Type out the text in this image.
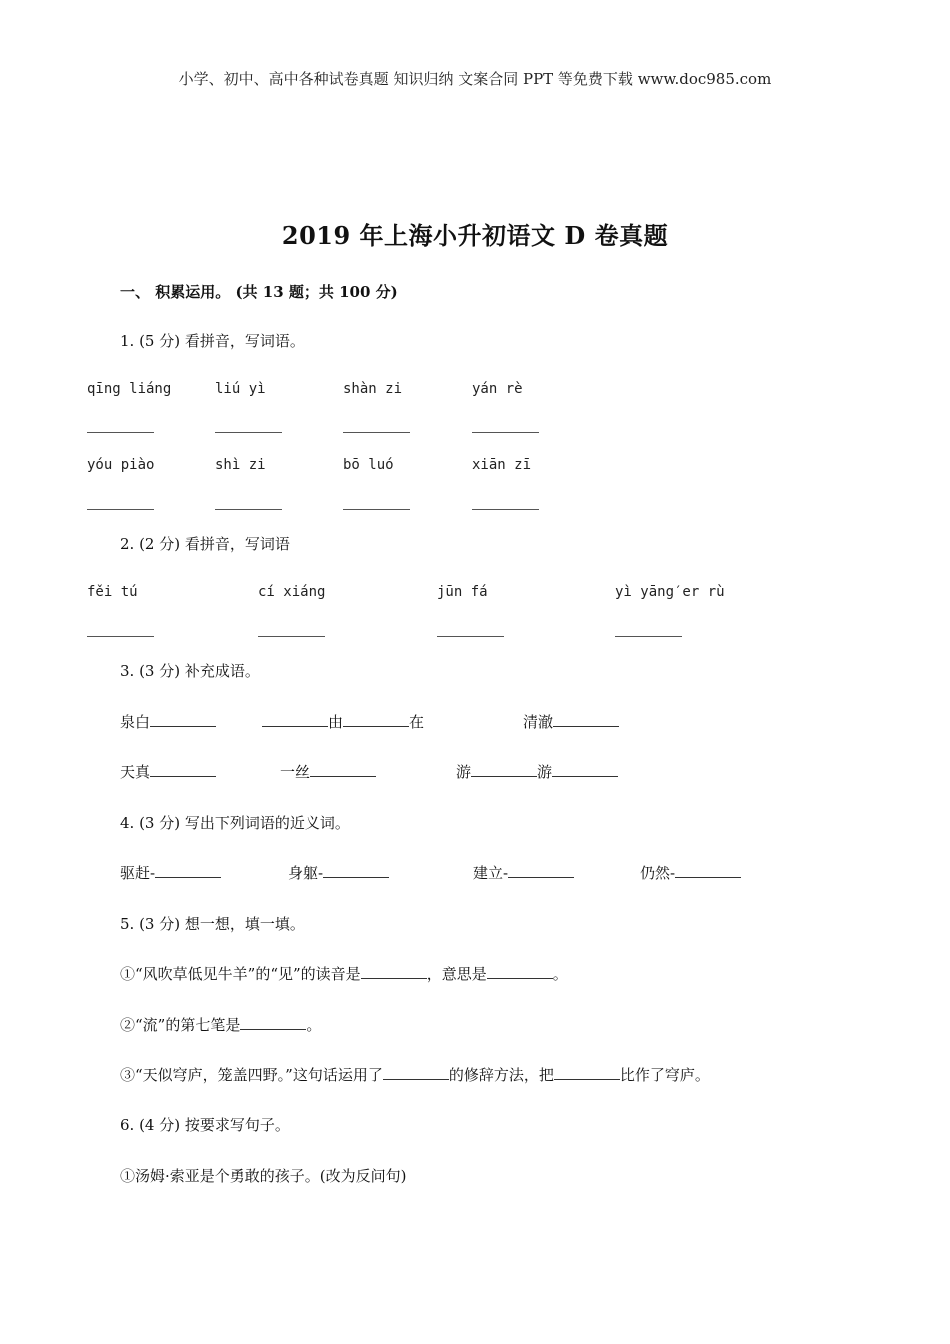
小学、初中、高中各种试卷真题 知识归纳 文案合同 PPT 等免费下载 www.doc985.com
2019 年上海小升初语文 D 卷真题
一、 积累运用。 (共 13 题；共 100 分)
1. (5 分) 看拼音，写词语。
qīng liáng	liú yì	shàn zi	yán rè
yóu piào	shì zi	bō luó	xiān zī
2. (2 分) 看拼音，写词语
fěi tú	cí xiáng	jūn fá	yì yāng′er rù
3. (3 分) 补充成语。
泉白	由	在	清澈
天真	一丝	游	游
4. (3 分) 写出下列词语的近义词。
驱赶-	身躯-	建立-	仍然-
5. (3 分) 想一想，填一填。
①“风吹草低见牛羊”的“见”的读音是	，意思是	。
②“流”的第七笔是	。
③“天似穹庐，笼盖四野。”这句话运用了	的修辞方法，把	比作了穹庐。
6. (4 分) 按要求写句子。
①汤姆·索亚是个勇敢的孩子。(改为反问句)
